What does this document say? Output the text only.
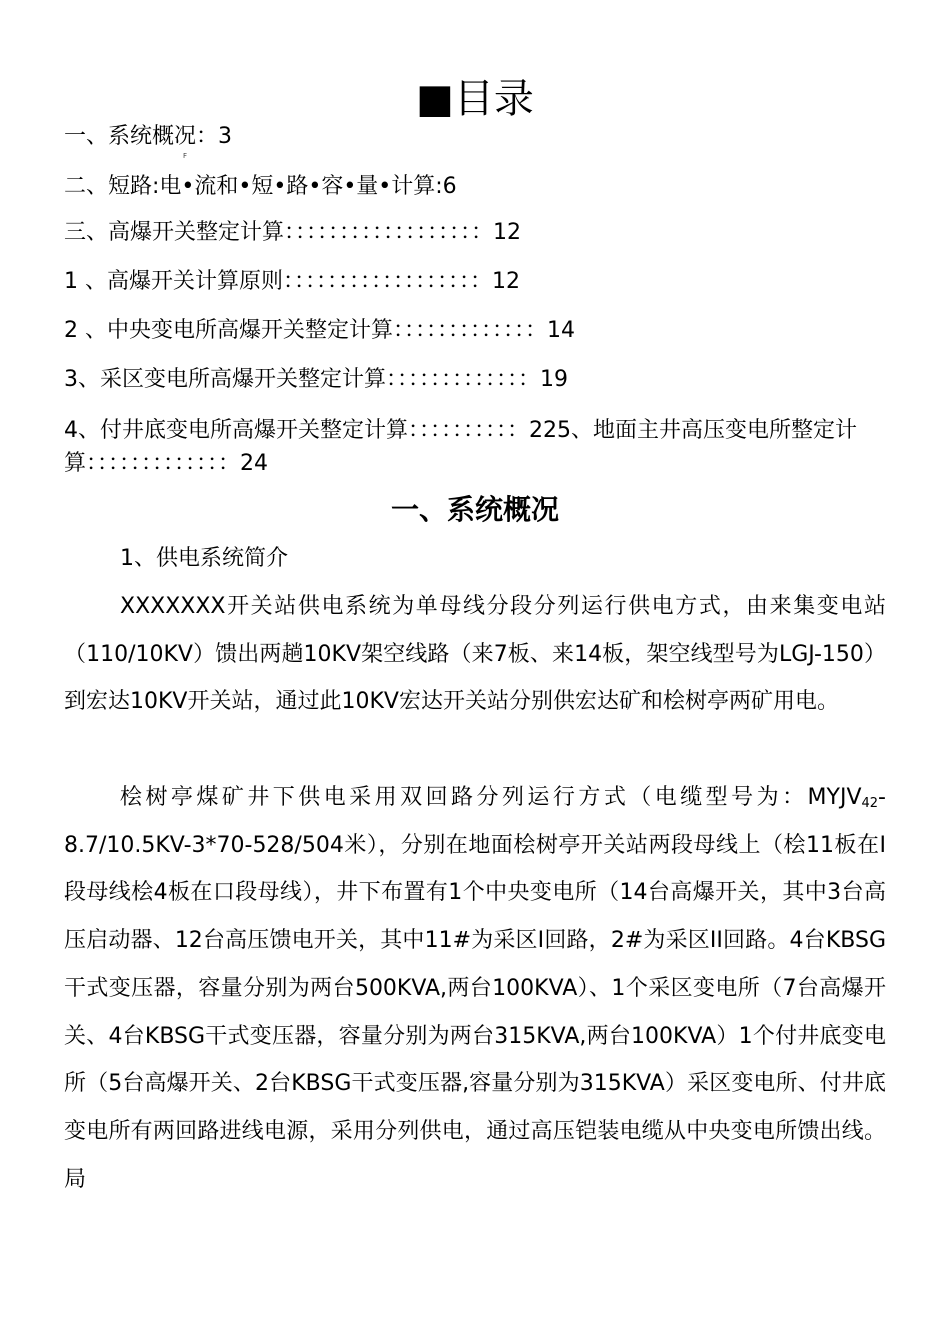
■目录
一、系统概况：3
F
二、短路:电•流和•短•路•容•量•计算:6
三、高爆开关整定计算：：：：：：：：：：：：：：：：：：12
1 、高爆开关计算原则：：：：：：：：：：：：：：：：：：12
2 、中央变电所高爆开关整定计算：：：：：：：：：：：：：14
3、采区变电所高爆开关整定计算：：：：：：：：：：：：：19
4、付井底变电所高爆开关整定计算：：：：：：：：：：225、地面主井高压变电所整定计算：：：：：：：：：：：：：24
一、系统概况
1、供电系统简介
XXXXXXX开关站供电系统为单母线分段分列运行供电方式，由来集变电站（110/10KV）馈出两趟10KV架空线路（来7板、来14板，架空线型号为LGJ-150）到宏达10KV开关站，通过此10KV宏达开关站分别供宏达矿和桧树亭两矿用电。
桧树亭煤矿井下供电采用双回路分列运行方式（电缆型号为：$MYJV_{42}-8.7/10.5KV-3*70-528/504$米），分别在地面桧树亭开关站两段母线上（桧11板在I段母线桧4板在口段母线），井下布置有1个中央变电所（14台高爆开关，其中3台高压启动器、12台高压馈电开关，其中11#为采区I回路，2#为采区II回路。4台KBSG干式变压器，容量分别为两台500KVA,两台100KVA）、1个采区变电所（7台高爆开关、4台KBSG干式变压器，容量分别为两台315KVA,两台100KVA）1个付井底变电所（5台高爆开关、2台KBSG干式变压器,容量分别为315KVA）采区变电所、付井底变电所有两回路进线电源，采用分列供电，通过高压铠装电缆从中央变电所馈出线。局
